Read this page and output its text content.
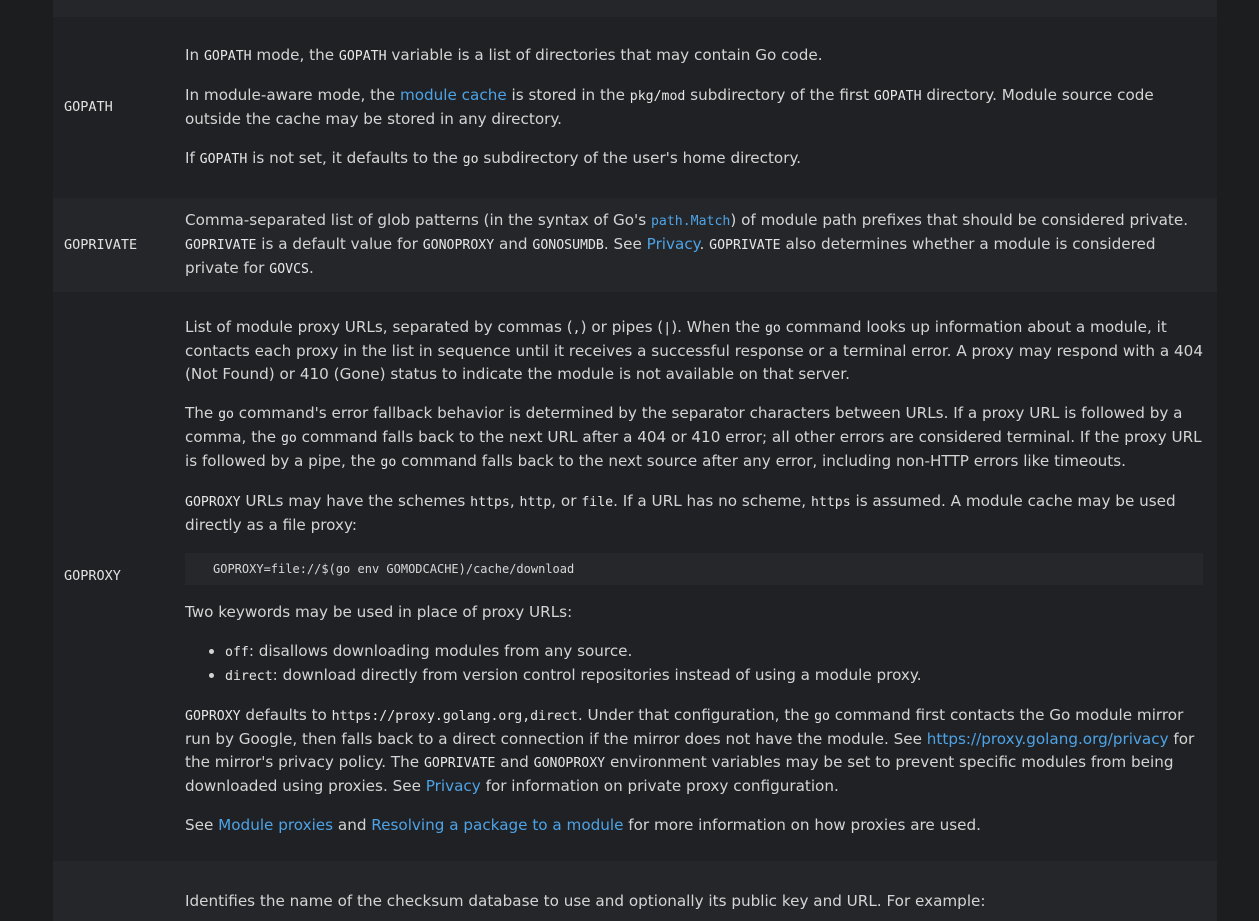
GOPATH

In GOPATH mode, the GOPATH variable is a list of directories that may contain Go code.

In module-aware mode, the module cache is stored in the pkg/mod subdirectory of the first GOPATH directory. Module source code outside the cache may be stored in any directory.

If GOPATH is not set, it defaults to the go subdirectory of the user's home directory.

GOPRIVATE

Comma-separated list of glob patterns (in the syntax of Go's path.Match) of module path prefixes that should be considered private. GOPRIVATE is a default value for GONOPROXY and GONOSUMDB. See Privacy. GOPRIVATE also determines whether a module is considered private for GOVCS.

GOPROXY

List of module proxy URLs, separated by commas (,) or pipes (|). When the go command looks up information about a module, it contacts each proxy in the list in sequence until it receives a successful response or a terminal error. A proxy may respond with a 404 (Not Found) or 410 (Gone) status to indicate the module is not available on that server.

The go command's error fallback behavior is determined by the separator characters between URLs. If a proxy URL is followed by a comma, the go command falls back to the next URL after a 404 or 410 error; all other errors are considered terminal. If the proxy URL is followed by a pipe, the go command falls back to the next source after any error, including non-HTTP errors like timeouts.

GOPROXY URLs may have the schemes https, http, or file. If a URL has no scheme, https is assumed. A module cache may be used directly as a file proxy:

GOPROXY=file://$(go env GOMODCACHE)/cache/download

Two keywords may be used in place of proxy URLs:

• off: disallows downloading modules from any source.
• direct: download directly from version control repositories instead of using a module proxy.

GOPROXY defaults to https://proxy.golang.org,direct. Under that configuration, the go command first contacts the Go module mirror run by Google, then falls back to a direct connection if the mirror does not have the module. See https://proxy.golang.org/privacy for the mirror's privacy policy. The GOPRIVATE and GONOPROXY environment variables may be set to prevent specific modules from being downloaded using proxies. See Privacy for information on private proxy configuration.

See Module proxies and Resolving a package to a module for more information on how proxies are used.

Identifies the name of the checksum database to use and optionally its public key and URL. For example:
